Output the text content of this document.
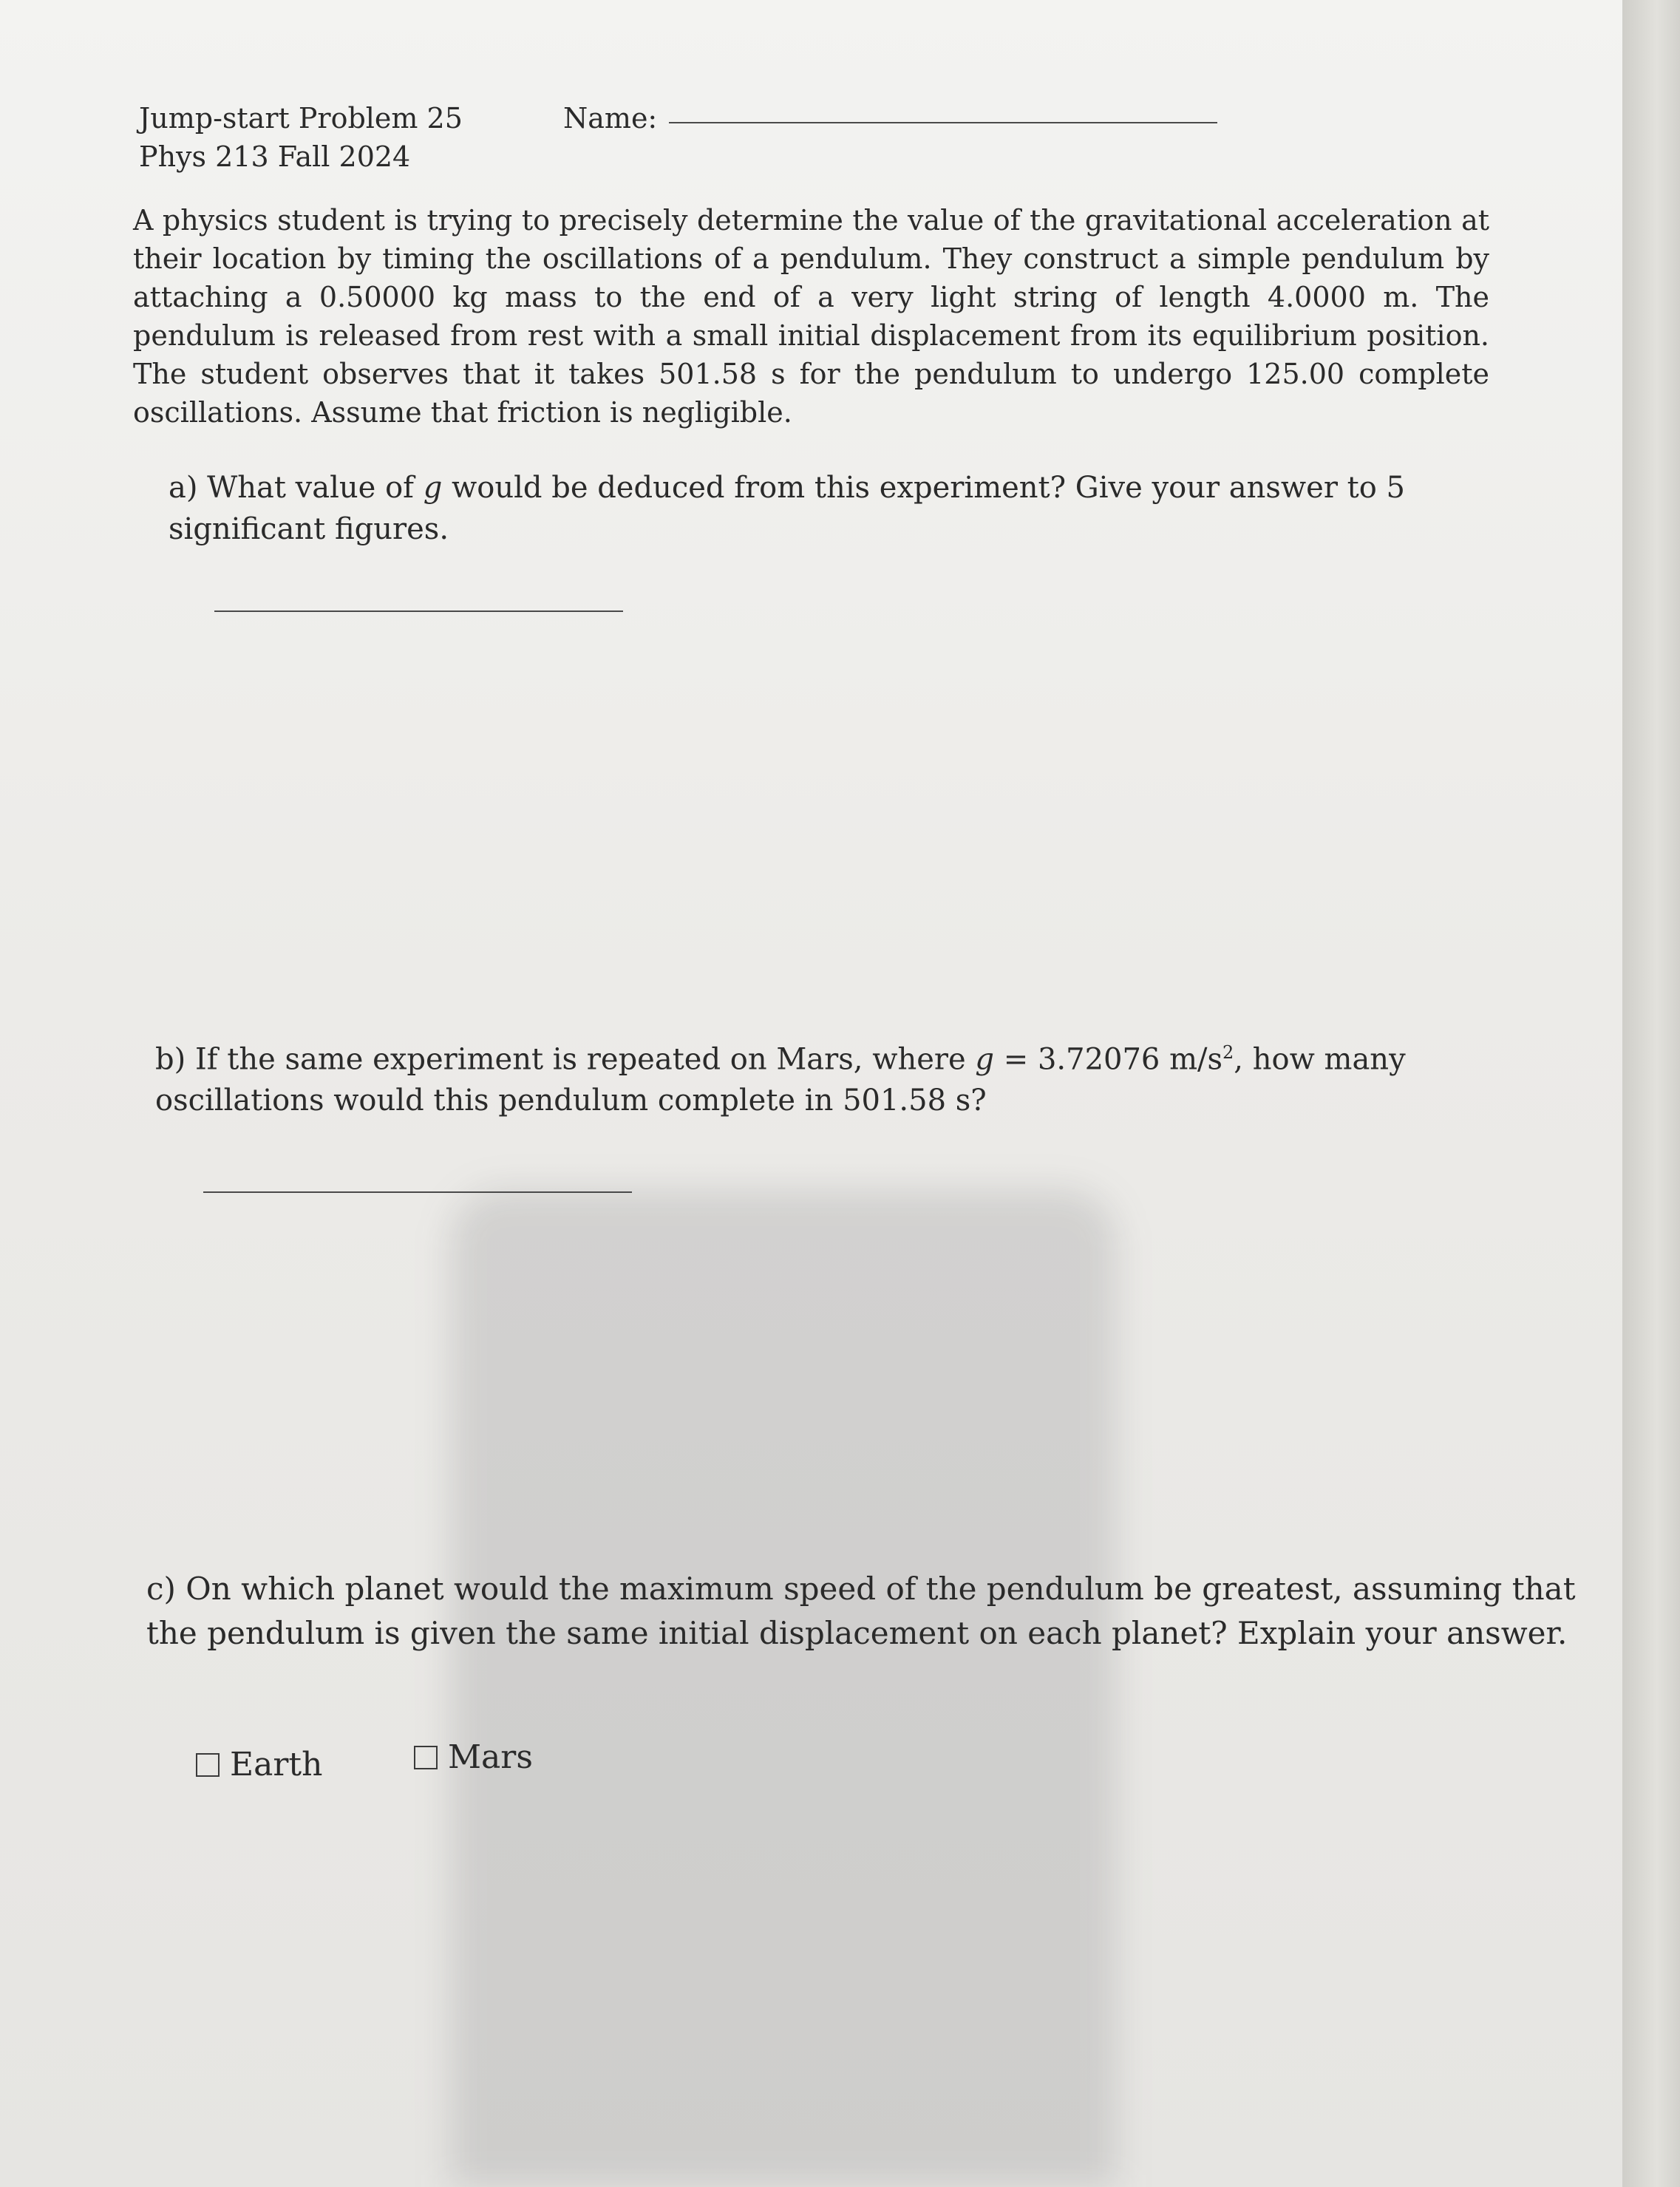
Jump-start Problem 25
Phys 213 Fall 2024
Name:
A physics student is trying to precisely determine the value of the gravitational acceleration at their location by timing the oscillations of a pendulum. They construct a simple pendulum by attaching a 0.50000 kg mass to the end of a very light string of length 4.0000 m. The pendulum is released from rest with a small initial displacement from its equilibrium position. The student observes that it takes 501.58 s for the pendulum to undergo 125.00 complete oscillations. Assume that friction is negligible.
a) What value of g would be deduced from this experiment? Give your answer to 5 significant figures.
b) If the same experiment is repeated on Mars, where g = 3.72076 $m/s^2$, how many oscillations would this pendulum complete in 501.58 s?
c) On which planet would the maximum speed of the pendulum be greatest, assuming that the pendulum is given the same initial displacement on each planet? Explain your answer.
Earth	Mars
